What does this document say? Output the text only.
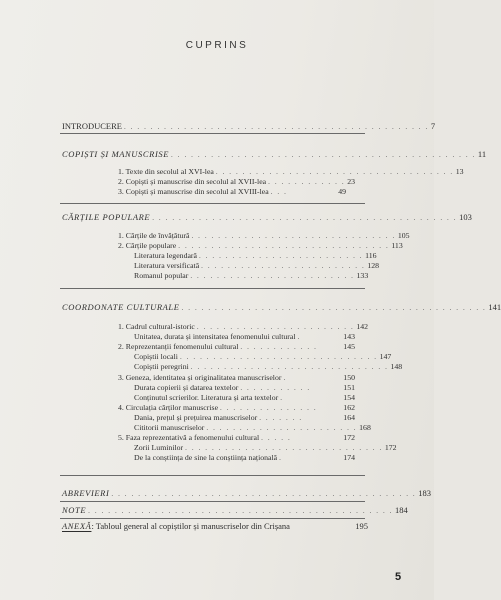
CUPRINS
INTRODUCERE . . . . . . . . . . . . . . . . . . . . . . . . . . . . . . . . . . . . . . . . . . . . . . 7
COPIȘTI ȘI MANUSCRISE . . . . . . . . . . . . . . . . . . . . . . . . . . . . . . . . . . . . . . . . . . . . . . 11
1. Texte din secolul al XVI-lea . . . . . . . . . . . . . . . . . . . . . . . . . . . . . . . . . . . . 13
2. Copiști și manuscrise din secolul al XVII-lea . . . . . . . . . . . . 23
3. Copiști și manuscrise din secolul al XVIII-lea . . .	49
CĂRȚILE POPULARE . . . . . . . . . . . . . . . . . . . . . . . . . . . . . . . . . . . . . . . . . . . . . . 103
1. Cărțile de învățătură . . . . . . . . . . . . . . . . . . . . . . . . . . . . . . . 105
2. Cărțile populare . . . . . . . . . . . . . . . . . . . . . . . . . . . . . . . . 113
Literatura legendară . . . . . . . . . . . . . . . . . . . . . . . . . 116
Literatura versificată . . . . . . . . . . . . . . . . . . . . . . . . . 128
Romanul popular . . . . . . . . . . . . . . . . . . . . . . . . . 133
COORDONATE CULTURALE . . . . . . . . . . . . . . . . . . . . . . . . . . . . . . . . . . . . . . . . . . . . . . 141
1. Cadrul cultural-istoric . . . . . . . . . . . . . . . . . . . . . . . . 142
Unitatea, durata și intensitatea fenomenului cultural .	143
2. Reprezentanții fenomenului cultural . . . . . . . . . . . .	145
Copiștii locali . . . . . . . . . . . . . . . . . . . . . . . . . . . . . . 147
Copiștii peregrini . . . . . . . . . . . . . . . . . . . . . . . . . . . . . . 148
3. Geneza, identitatea și originalitatea manuscriselor .	150
Durata copierii și datarea textelor . . . . . . . . . . .	151
Conținutul scrierilor. Literatura și arta textelor .	154
4. Circulația cărților manuscrise . . . . . . . . . . . . . . .	162
Dania, prețul și prețuirea manuscriselor . . . . . . .	164
Cititorii manuscriselor . . . . . . . . . . . . . . . . . . . . . . . 168
5. Faza reprezentativă a fenomenului cultural . . . . .	172
Zorii Luminilor . . . . . . . . . . . . . . . . . . . . . . . . . . . . . . 172
De la conștiința de sine la conștiința națională .	174
ABREVIERI . . . . . . . . . . . . . . . . . . . . . . . . . . . . . . . . . . . . . . . . . . . . . . 183
NOTE . . . . . . . . . . . . . . . . . . . . . . . . . . . . . . . . . . . . . . . . . . . . . . 184
ANEXĂ: Tabloul general al copiștilor și manuscriselor din Crișana	195
5
